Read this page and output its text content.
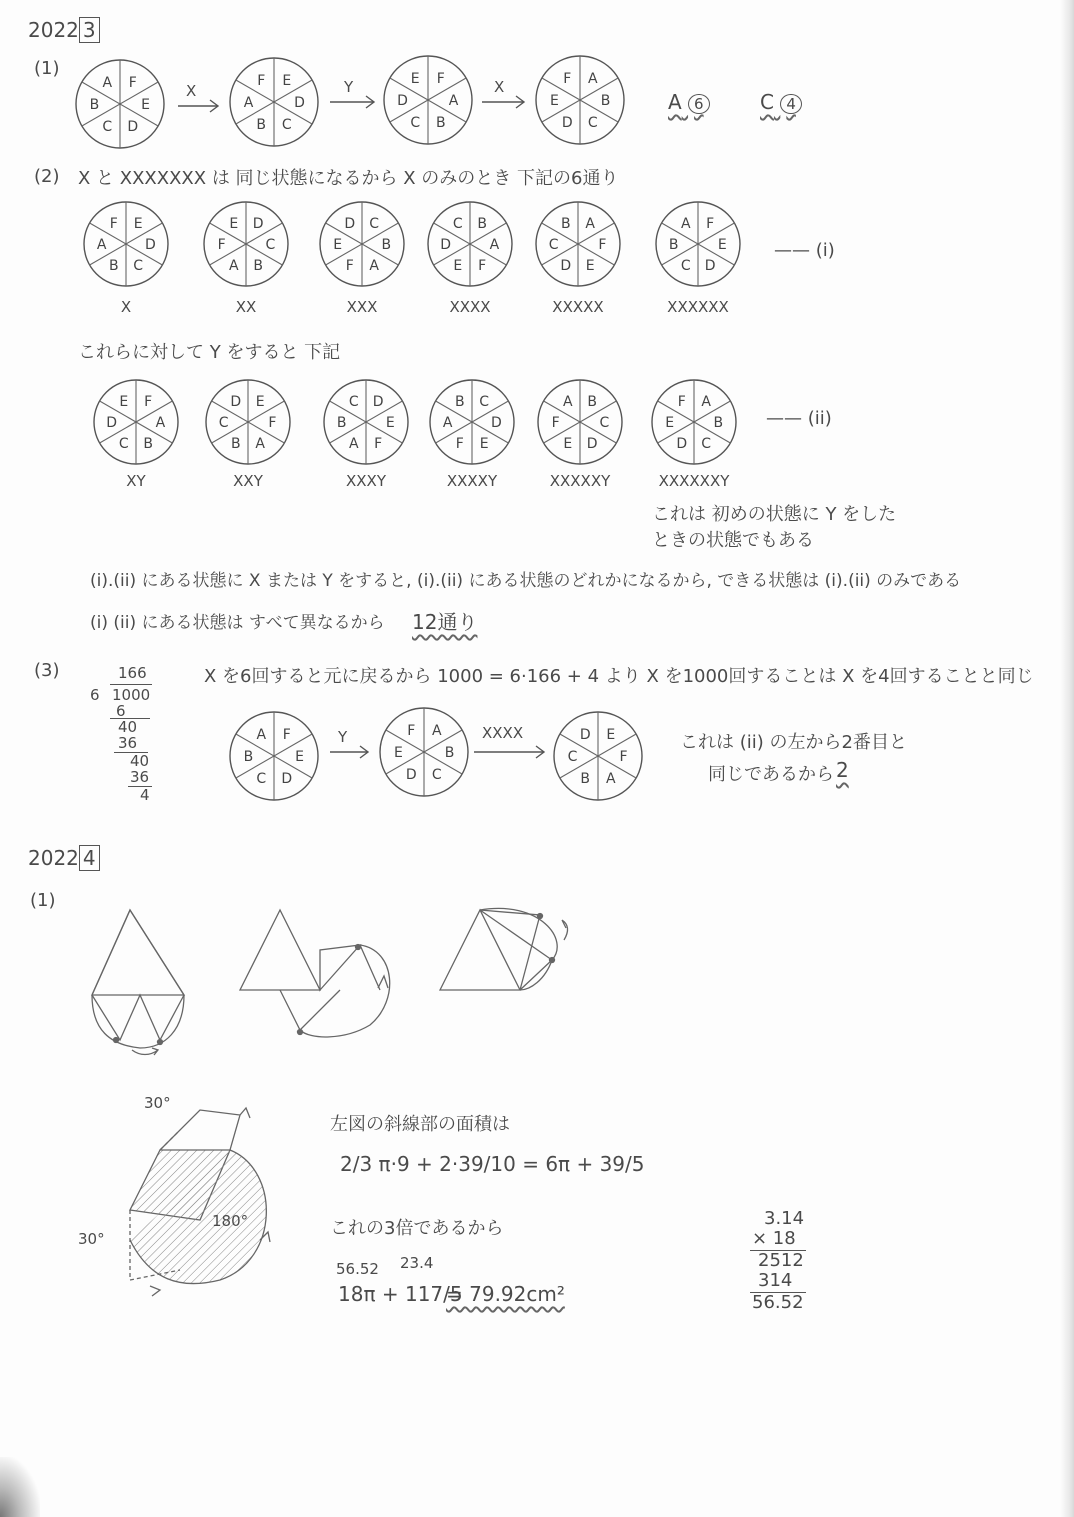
2022 3
(1)
A F
E
D
C
B
F E
D
C
B
A
E F
A
B
C
D
F A
B
C
D
E
X	Y	X
A 6	C 4
(2) X と XXXXXXX は 同じ状態になるから X のみのとき 下記の6通り
F E
D
C
B
A
E D
C
B
A
F
D C
B
A
F
E
C B
A
F
E
D
B A
F
E
D
C
A F
E
D
C
B
X	XX	XXX	XXXX	XXXXX	XXXXXX
—— (i)
これらに対して Y をすると 下記
E F
A
B
C
D
D E
F
A
B
C
C D
E
F
A
B
B C
D
E
F
A
A B
C
D
E
F
F A
B
C
D
E
XY	XXY	XXXY	XXXXY	XXXXXY	XXXXXXY
—— (ii)
これは 初めの状態に Y をした
ときの状態でもある
(i).(ii) にある状態に X または Y をすると, (i).(ii) にある状態のどれかになるから, できる状態は (i).(ii) のみである
(i) (ii) にある状態は すべて異なるから 12通り
(3)	166
6 1000
6
40
36
40
36
4
X を6回すると元に戻るから 1000 = 6·166 + 4 より X を1000回することは X を4回することと同じ
A F
E
D
C
B
F A
B
C
D
E
D E
F
A
B
C
Y	XXXX	これは (ii) の左から2番目と
同じであるから 2
2022 4
(1)
30°
30°
180°
左図の斜線部の面積は
2/3 π·9 + 2·39/10 = 6π + 39/5
これの3倍であるから
56.52 23.4
18π + 117/5
= 79.92cm²
3.14
× 18
2512
314
56.52
